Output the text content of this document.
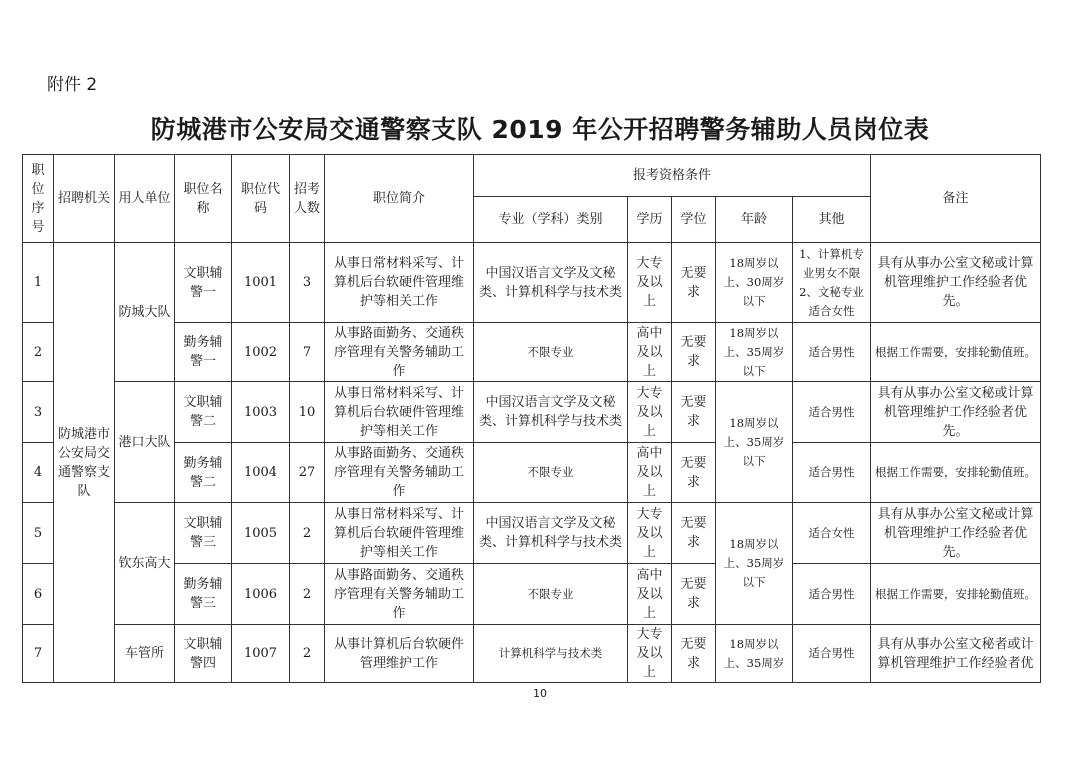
附件 2
防城港市公安局交通警察支队 2019 年公开招聘警务辅助人员岗位表
职位序号	招聘机关	用人单位	职位名称	职位代码	招考人数	职位简介	报考资格条件					备注
							专业（学科）类别	学历	学位	年龄	其他	
1	防城港市公安局交通警察支队	防城大队	文职辅警一	1001	3	从事日常材料采写、计算机后台软硬件管理维护等相关工作	中国汉语言文学及文秘类、计算机科学与技术类	大专及以上	无要求	18周岁以上、30周岁以下	1、计算机专业男女不限2、文秘专业适合女性	具有从事办公室文秘或计算机管理维护工作经验者优先。
2			勤务辅警一	1002	7	从事路面勤务、交通秩序管理有关警务辅助工作	不限专业	高中及以上	无要求	18周岁以上、35周岁以下	适合男性	根据工作需要，安排轮勤值班。
3		港口大队	文职辅警二	1003	10	从事日常材料采写、计算机后台软硬件管理维护等相关工作	中国汉语言文学及文秘类、计算机科学与技术类	大专及以上	无要求	18周岁以上、35周岁以下	适合男性	具有从事办公室文秘或计算机管理维护工作经验者优先。
4			勤务辅警二	1004	27	从事路面勤务、交通秩序管理有关警务辅助工作	不限专业	高中及以上	无要求		适合男性	根据工作需要，安排轮勤值班。
5		钦东高大	文职辅警三	1005	2	从事日常材料采写、计算机后台软硬件管理维护等相关工作	中国汉语言文学及文秘类、计算机科学与技术类	大专及以上	无要求	18周岁以上、35周岁以下	适合女性	具有从事办公室文秘或计算机管理维护工作经验者优先。
6			勤务辅警三	1006	2	从事路面勤务、交通秩序管理有关警务辅助工作	不限专业	高中及以上	无要求		适合男性	根据工作需要，安排轮勤值班。
7		车管所	文职辅警四	1007	2	从事计算机后台软硬件管理维护工作	计算机科学与技术类	大专及以上	无要求	18周岁以上、35周岁	适合男性	具有从事办公室文秘者或计算机管理维护工作经验者优
10
